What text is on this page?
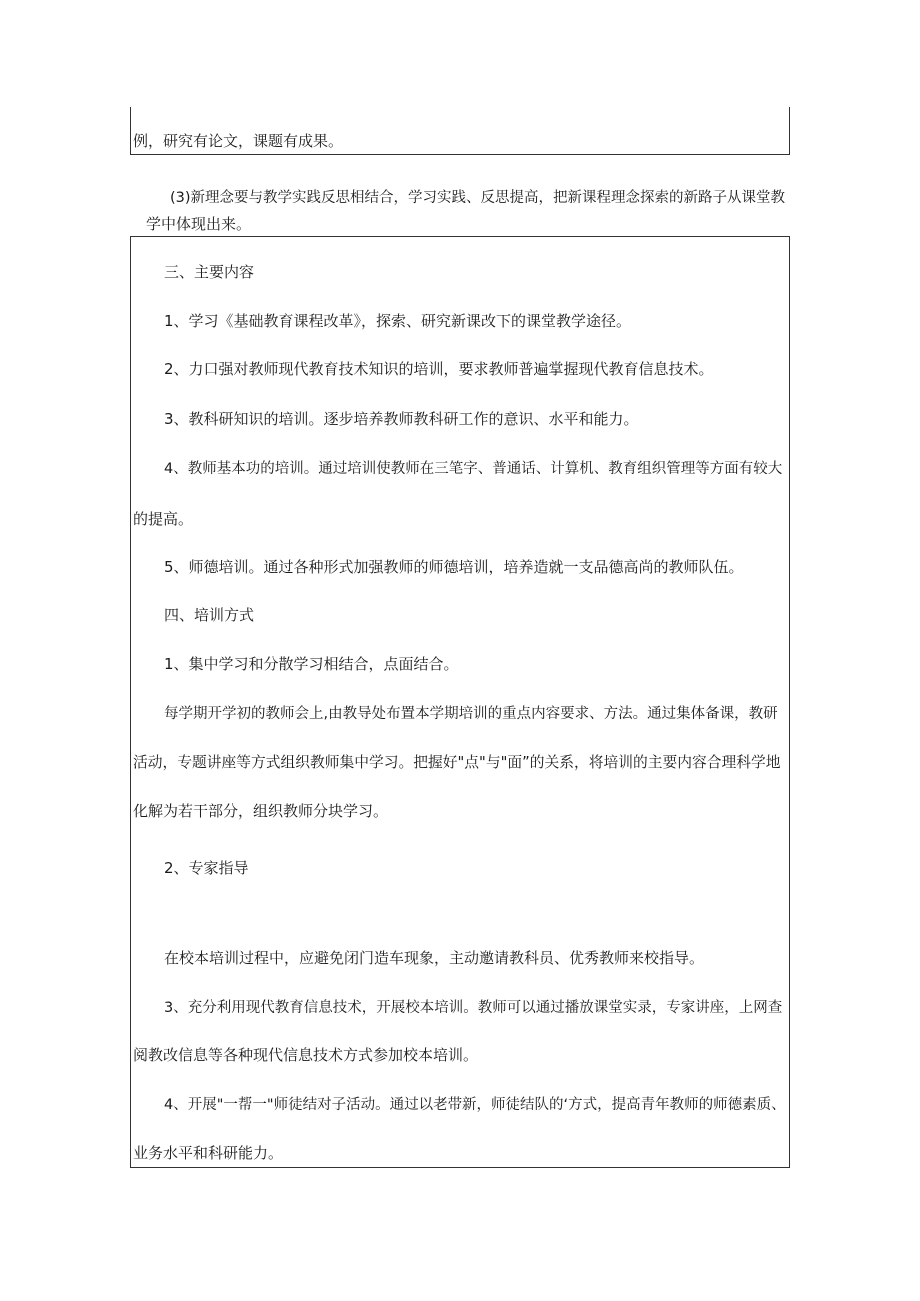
例，研究有论文，课题有成果。
(3)新理念要与教学实践反思相结合，学习实践、反思提高，把新课程理念探索的新路子从课堂教
学中体现出来。
三、主要内容
1、学习《基础教育课程改革》，探索、研究新课改下的课堂教学途径。
2、力口强对教师现代教育技术知识的培训，要求教师普遍掌握现代教育信息技术。
3、教科研知识的培训。逐步培养教师教科研工作的意识、水平和能力。
4、教师基本功的培训。通过培训使教师在三笔字、普通话、计算机、教育组织管理等方面有较大
的提高。
5、师德培训。通过各种形式加强教师的师德培训，培养造就一支品德高尚的教师队伍。
四、培训方式
1、集中学习和分散学习相结合，点面结合。
每学期开学初的教师会上,由教导处布置本学期培训的重点内容要求、方法。通过集体备课，教研
活动，专题讲座等方式组织教师集中学习。把握好"点"与"面”的关系，将培训的主要内容合理科学地
化解为若干部分，组织教师分块学习。
2、专家指导
在校本培训过程中，应避免闭门造车现象，主动邀请教科员、优秀教师来校指导。
3、充分利用现代教育信息技术，开展校本培训。教师可以通过播放课堂实录，专家讲座，上网查
阅教改信息等各种现代信息技术方式参加校本培训。
4、开展"一帮一"师徒结对子活动。通过以老带新，师徒结队的‘方式，提高青年教师的师德素质、
业务水平和科研能力。
